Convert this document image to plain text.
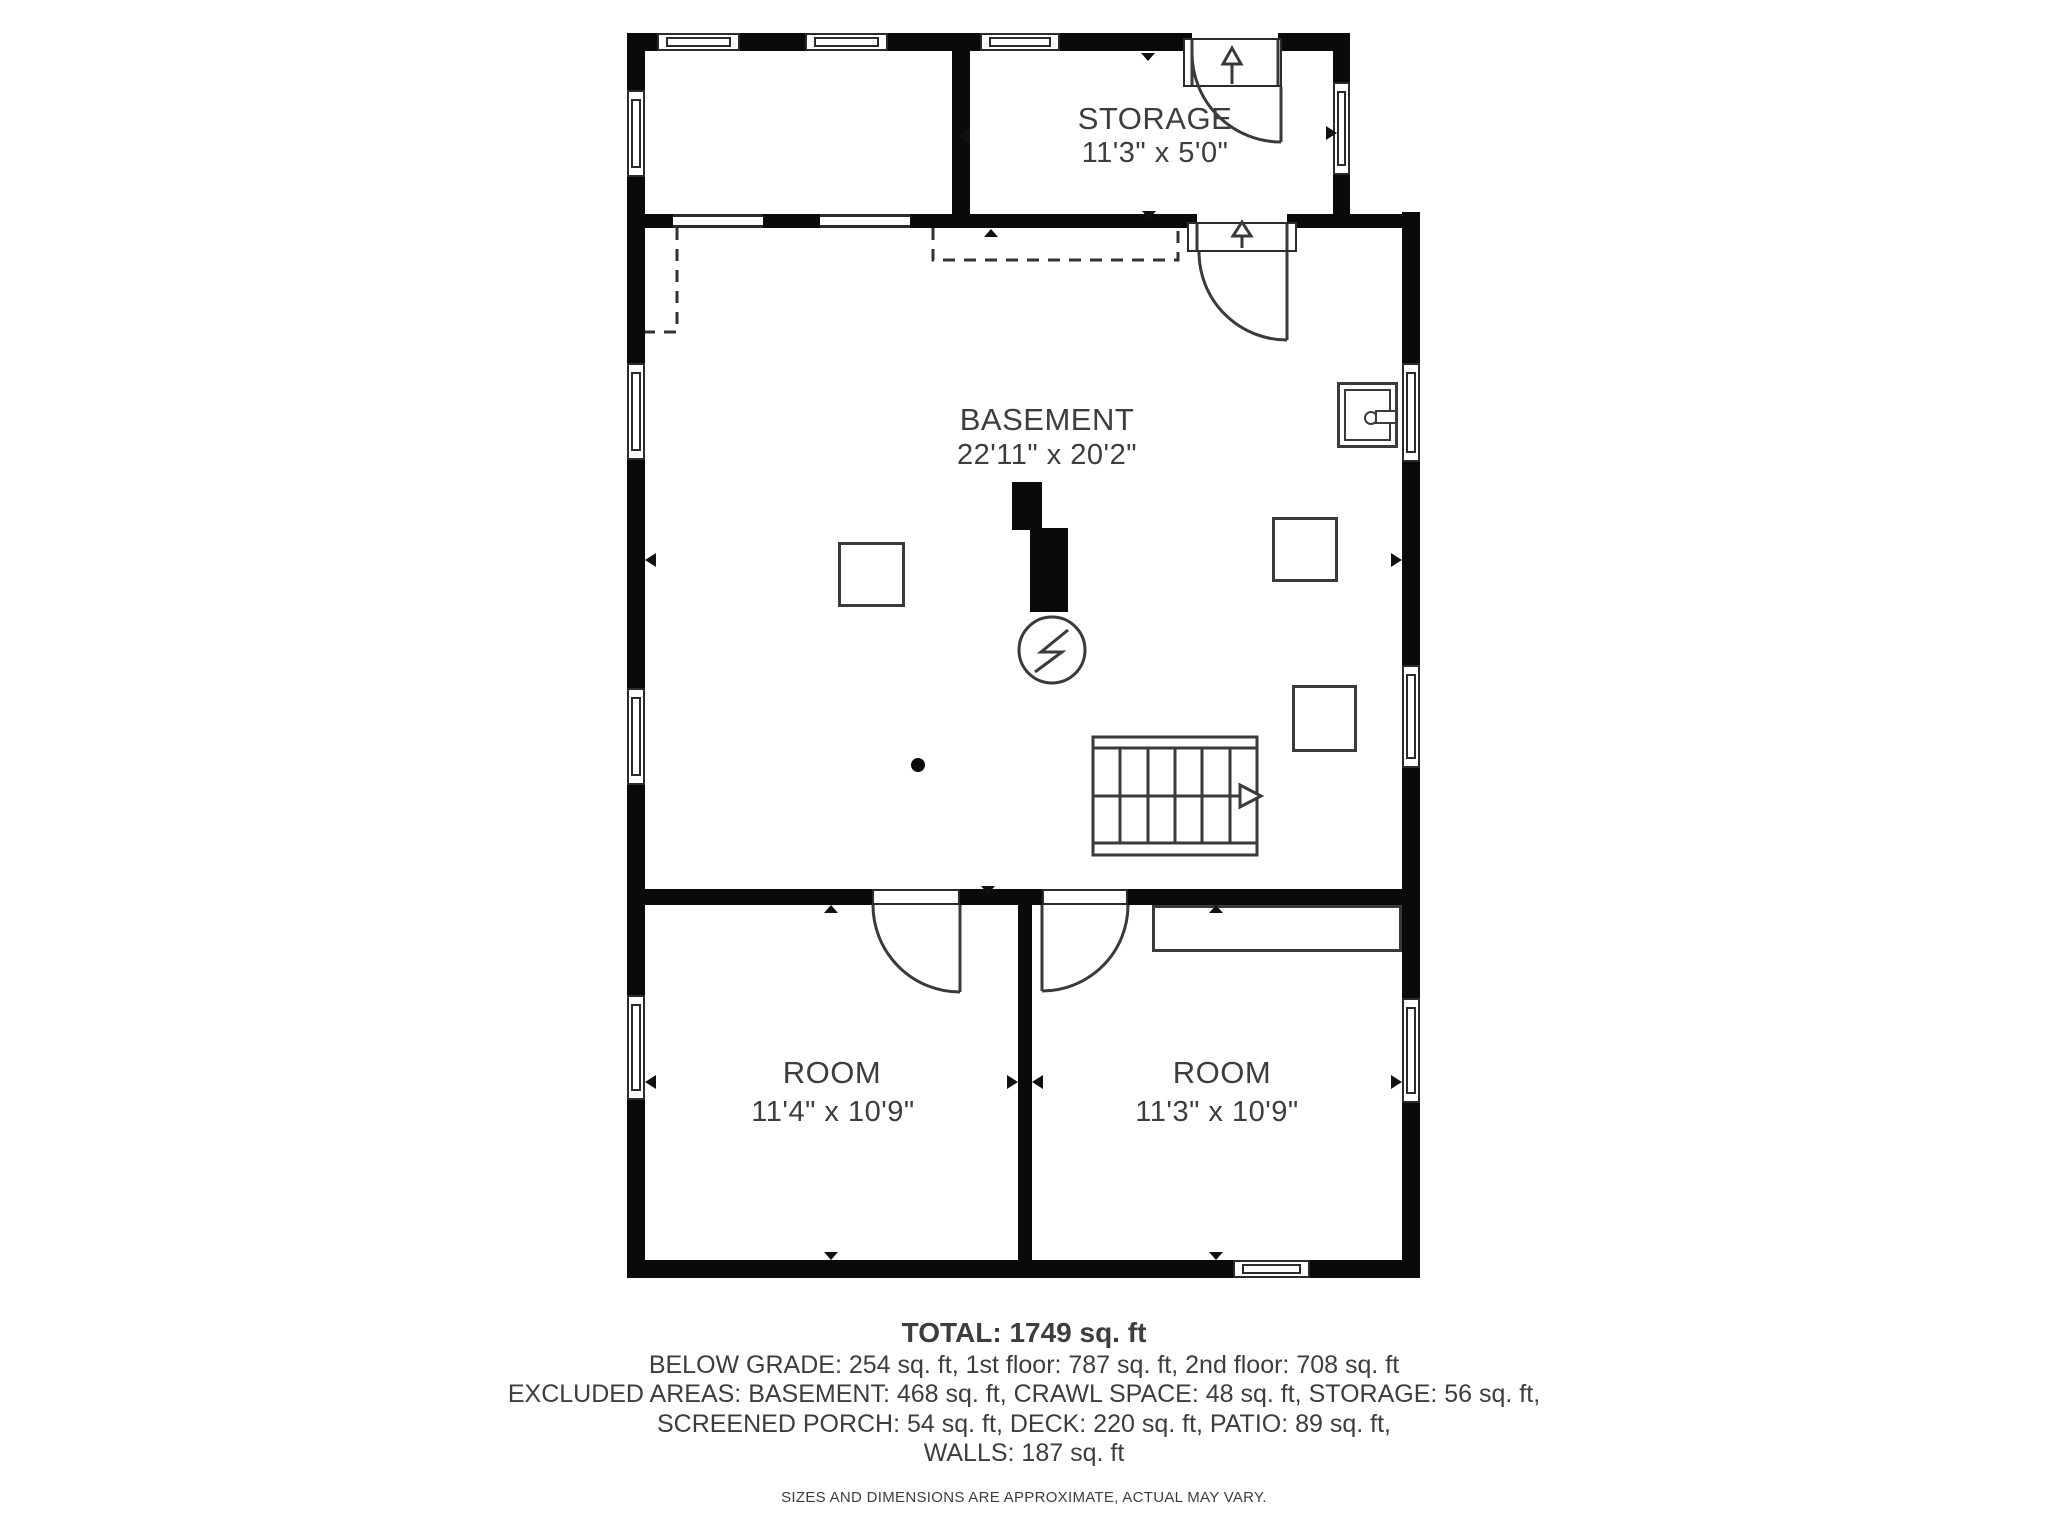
STORAGE
11'3" x 5'0"
BASEMENT
22'11" x 20'2"
ROOM
11'4" x 10'9"
ROOM
11'3" x 10'9"
TOTAL: 1749 sq. ft
BELOW GRADE: 254 sq. ft, 1st floor: 787 sq. ft, 2nd floor: 708 sq. ft
EXCLUDED AREAS: BASEMENT: 468 sq. ft, CRAWL SPACE: 48 sq. ft, STORAGE: 56 sq. ft,
SCREENED PORCH: 54 sq. ft, DECK: 220 sq. ft, PATIO: 89 sq. ft,
WALLS: 187 sq. ft
SIZES AND DIMENSIONS ARE APPROXIMATE, ACTUAL MAY VARY.
